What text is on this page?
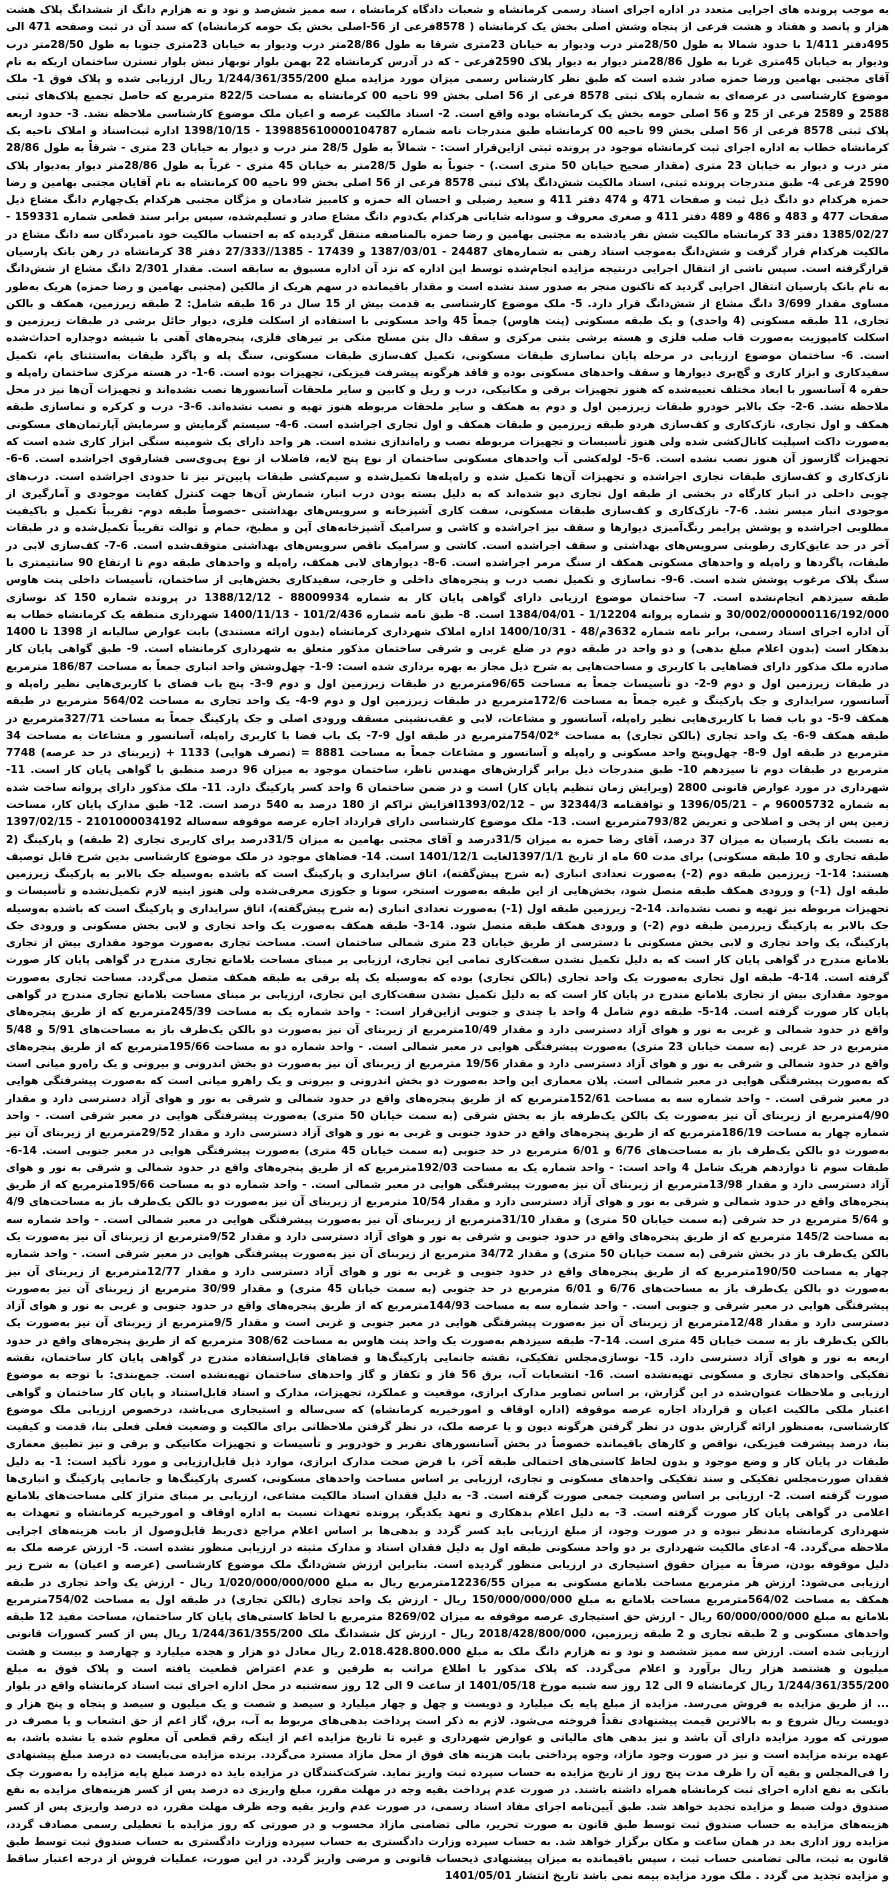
به موجب پرونده های اجرایی متعدد در اداره اجرای اسناد رسمی کرمانشاه و شعبات دادگاه کرمانشاه ، سه ممیز شش‌صد و نود و نه هزارم دانگ از ششدانگ پلاک هشت هزار و پانصد و هفتاد و هشت فرعی از پنجاه وشش اصلی بخش یک کرمانشاه ( 8578فرعی از 56-اصلی بخش یک حومه کرمانشاه) که سند آن در ثبت وصفحه 471 الی 495دفتر 1/411 با حدود شمالا به طول 28/50متر درب ودیوار به خیابان 23متری شرقا به طول 28/86متر درب ودیوار به خیابان 23متری جنوبا به طول 28/50متر درب ودیوار به خیابان 45متری غربا به طول 28/86متر دیوار به دیوار پلاک 2590فرعی - که در آدرس کرمانشاه 22 بهمن بلوار نوبهار نبش بلوار نسترن ساختمان اریکه به نام آقای مجتبی بهامین ورضا حمزه صادر شده است که طبق نظر کارشناس رسمی میزان مورد مزایده مبلغ 1/244/361/355/200 ریال ارزیابی شده و پلاک فوق 1- ملک موضوع کارشناسی در عرصه‌ای به شماره پلاک ثبتی 8578 فرعی از 56 اصلی بخش 99 ناحیه 00 کرمانشاه به مساحت 822/5 مترمربع که حاصل تجمیع پلاک‌های ثبتی 2588 و 2589 فرعی از 25 و 56 اصلی حومه بخش یک کرمانشاه بوده واقع است. 2- اسناد مالکیت عرصه و اعیان ملک موضوع کارشناسی ملاحظه نشد. 3- حدود اربعه پلاک ثبتی 8578 فرعی از 56 اصلی بخش 99 ناحیه 00 کرمانشاه طبق مندرجات نامه شماره 139885610000104787 - 1398/10/15 اداره ثبت‌اسناد و املاک ناحیه یک کرمانشاه خطاب به اداره اجرای ثبت کرمانشاه موجود در پرونده ثبتی ازاین‌قرار است: - شمالاً به طول 28/5 متر درب و دیوار به خیابان 23 متری - شرقاً به طول 28/86 متر درب و دیوار به خیابان 23 متری (مقدار صحیح خیابان 50 متری است.) - جنوباً به طول 28/5متر به خیابان 45 متری - غرباً به طول 28/86متر دیوار به‌دیوار پلاک 2590 فرعی 4- طبق مندرجات پرونده ثبتی، اسناد مالکیت شش‌دانگ پلاک ثبتی 8578 فرعی از 56 اصلی بخش 99 ناحیه 00 کرمانشاه به نام آقایان مجتبی بهامین و رضا حمزه هرکدام دو دانگ ذیل ثبت و صفحات 471 و 474 دفتر 411 و سعید رضیلی و احسان اله حمزه و کامبیز شادمان و مژگان مجتبی هرکدام یک‌چهارم دانگ مشاع ذیل صفحات 477 و 483 و 486 و 489 دفتر 411 و صغری معروف و سودابه شایانی هرکدام یک‌دوم دانگ مشاع صادر و تسلیم‌شده، سپس برابر سند قطعی شماره 159331 - 1385/02/27 دفتر 33 کرمانشاه مالکیت شش نفر یادشده به مجتبی بهامین و رضا حمزه بالمناصفه منتقل گردیده که به احتساب مالکیت خود نامبردگان سه دانگ مشاع در مالکیت هرکدام قرار گرفت و شش‌دانگ به‌موجب اسناد رهنی به شماره‌های 24487 - 1387/03/01 و 17439 - 1385//27/333 دفتر 38 کرمانشاه در رهن بانک پارسیان قرارگرفته است. سپس ناشی از انتقال اجرایی درنتیجه مزایده انجام‌شده توسط این اداره که نزد آن اداره مسبوق به سابقه است. مقدار 2/301 دانگ مشاع از شش‌دانگ به نام بانک پارسیان انتقال اجرایی گردید که تاکنون منجر به صدور سند نشده است و مقدار باقیمانده در سهم هریک از مالکین (مجتبی بهامین و رضا حمزه) هریک به‌طور مساوی مقدار 3/699 دانگ مشاع از شش‌دانگ قرار دارد. 5- ملک موضوع کارشناسی به قدمت بیش از 15 سال در 16 طبقه شامل: 2 طبقه زیرزمین، همکف و بالکن تجاری، 11 طبقه مسکونی (4 واحدی) و یک طبقه مسکونی (پنت هاوس) جمعاً 45 واحد مسکونی با استفاده از اسکلت فلزی، دیوار حائل برشی در طبقات زیرزمین و اسکلت کامپوزیت به‌صورت قاب صلب فلزی و هسته برشی بتنی مرکزی و سقف دال بتن مسلح متکی بر تیرهای فلزی، پنجره‌های آهنی با شیشه دوجداره احداث‌شده است. 6- ساختمان موضوع ارزیابی در مرحله پایان نماسازی طبقات مسکونی، تکمیل کف‌سازی طبقات مسکونی، سنگ پله و پاگرد طبقات به‌استثنای بام، تکمیل سفیدکاری و ابزار کاری و گچ‌بری دیوارها و سقف واحدهای مسکونی بوده و فاقد هرگونه پیشرفت فیزیکی، تجهیزات بوده است. 6-1- در هسته مرکزی ساختمان راه‌پله و حفره 4 آسانسور با ابعاد مختلف تعبیه‌شده که هنوز تجهیزات برقی و مکانیکی، درب و ریل و کابین و سایر ملحقات آسانسورها نصب نشده‌اند و تجهیزات آن‌ها نیز در محل ملاحظه نشد. 6-2- جک بالابر خودرو طبقات زیرزمین اول و دوم به همکف و سایر ملحقات مربوطه هنوز تهیه و نصب نشده‌اند. 6-3- درب و کرکره و نماسازی طبقه همکف و اول تجاری، نازک‌کاری و کف‌سازی هردو طبقه زیرزمین و طبقات همکف و اول تجاری اجراشده است. 6-4- سیستم گرمایش و سرمایش آپارتمان‌های مسکونی به‌صورت داکت اسپلیت کانال‌کشی شده ولی هنوز تأسیسات و تجهیزات مربوطه نصب و راه‌اندازی نشده است. هر واحد دارای یک شومینه سنگی ابزار کاری شده است که تجهیزات گازسوز آن هنوز نصب نشده است. 6-5- لوله‌کشی آب واحدهای مسکونی ساختمان از نوع پنج لایه، فاضلاب از نوع پی‌وی‌سی فشارقوی اجراشده است. 6-6- نازک‌کاری و کف‌سازی طبقات تجاری اجراشده و تجهیزات آن‌ها تکمیل شده و راه‌پله‌ها تکمیل‌شده و سیم‌کشی طبقات پایین‌تر نیز تا حدودی اجراشده است. درب‌های چوبی داخلی در انبار کارگاه در بخشی از طبقه اول تجاری دپو شده‌اند که به دلیل بسته بودن درب انبار، شمارش آن‌ها جهت کنترل کفایت موجودی و آمارگیری از موجودی انبار میسر نشد. 6-7- نازک‌کاری و کف‌سازی طبقات مسکونی، سفت کاری آشپزخانه و سرویس‌های بهداشتی -خصوصاً طبقه دوم- تقریباً تکمیل و باکیفیت مطلوبی اجراشده و پوشش پرایمر رنگ‌آمیزی دیوارها و سقف نیز اجراشده و کاشی و سرامیک آشپزخانه‌های آپن و مطبخ، حمام و توالت تقریباً تکمیل‌شده و در طبقات آخر در حد عایق‌کاری رطوبتی سرویس‌های بهداشتی و سقف اجراشده است. کاشی و سرامیک ناقص سرویس‌های بهداشتی متوقف‌شده است. 6-7- کف‌سازی لابی در طبقات، پاگردها و راه‌پله و واحدهای مسکونی همکف از سنگ مرمر اجراشده است. 6-8- دیوارهای لابی همکف، راه‌پله و واحدهای طبقه دوم تا ارتفاع 90 سانتیمتری با سنگ پلاک مرغوب پوشش شده است. 6-9- نماسازی و تکمیل نصب درب و پنجره‌های داخلی و خارجی، سفیدکاری بخش‌هایی از ساختمان، تأسیسات داخلی پنت هاوس طبقه سیزدهم انجام‌نشده است. 7- ساختمان موضوع ارزیابی دارای گواهی پایان کار به شماره 88009934 - 1388/12/12 در پرونده شماره 150 کد نوسازی 30/002/000000116/192/000 و شماره پروانه 1/12204 - 1384/04/01 است. 8- طبق نامه شماره 101/2/436 - 1400/11/13 شهرداری منطقه یک کرمانشاه خطاب به آن اداره اجرای اسناد رسمی، برابر نامه شماره 3632م/48 - 1400/10/31 اداره املاک شهرداری کرمانشاه (بدون ارائه مستندی) بابت عوارض سالیانه از 1398 تا 1400 بدهکار است (بدون اعلام مبلغ بدهی) و دو واحد در طبقه دوم در ضلع غربی و شرقی ساختمان مذکور متعلق به شهرداری کرمانشاه است. 9- طبق گواهی پایان کار صادره ملک مذکور دارای فضاهایی با کاربری و مساحت‌هایی به شرح ذیل مجاز به بهره برداری شده است: 9-1- چهل‌وشش واحد انباری جمعاً به مساحت 186/87 مترمربع در طبقات زیرزمین اول و دوم 9-2- دو تأسیسات جمعاً به مساحت 96/65مترمربع در طبقات زیرزمین اول و دوم 9-3- پنج باب فضای با کاربری‌هایی نظیر راه‌پله و آسانسور، سرایداری و جک پارکینگ و غیره جمعاً به مساحت 172/6مترمربع در طبقات زیرزمین اول و دوم 9-4- یک واحد تجاری به مساحت 564/02 مترمربع در طبقه همکف 9-5- دو باب فضا با کاربری‌هایی نظیر راه‌پله، آسانسور و مشاعات، لابی و عقب‌نشینی مسقف ورودی اصلی و جک پارکینگ جمعاً به مساحت 327/71مترمربع در طبقه همکف 9-6- یک واحد تجاری (بالکن تجاری) به مساحت *754/02مترمربع در طبقه اول 9-7- یک باب فضا با کاربری راه‌پله، آسانسور و مشاعات به مساحت 34 مترمربع در طبقه اول 9-8- چهل‌وپنج واحد مسکونی و راه‌پله و آسانسور و مشاعات جمعاً به مساحت 8881 = (تصرف هوایی) 1133 + (زیربنای در حد عرصه) 7748 مترمربع در طبقات دوم تا سیزدهم 10- طبق مندرجات ذیل برابر گزارش‌های مهندس ناظر، ساختمان موجود به میزان 96 درصد منطبق با گواهی پایان کار است. 11- شهرداری در مورد عوارض قانونی 2800 (ویرایش زمان تنظیم پایان کار) است و در ضمن ساختمان 6 واحد کسر پارکینگ دارد. 11- ملک مذکور دارای پروانه ساخت شده به شماره 96005732 م – 1396/05/21 و توافقنامه 32344/3 س – 1393/02/12افزایش تراکم از 180 درصد به 540 درصد است. 12- طبق مدارک پایان کار، مساحت زمین پس از پخی و اصلاحی و تعریض 793/82مترمربع است. 13- ملک موضوع کارشناسی دارای قرارداد اجاره عرصه موقوفه سه‌ساله 2101000034192 - 1397/02/15 به نسبت بانک پارسیان به میزان 37 درصد، آقای رضا حمزه به میزان 31/5درصد و آقای مجتبی بهامین به میزان 31/5درصد برای کاربری تجاری (2 طبقه) و پارکینگ (2 طبقه تجاری و 10 طبقه مسکونی) برای مدت 60 ماه از تاریخ 1397/1/1لغایت 1401/12/1 است. 14- فضاهای موجود در ملک موضوع کارشناسی بدین شرح قابل توصیف هستند: 14-1- زیرزمین طبقه دوم (2-) به‌صورت تعدادی انباری (به شرح پیش‌گفته)، اتاق سرایداری و پارکینگ است که باشده به‌وسیله جک بالابر به پارکینگ زیرزمین طبقه اول (1-) و ورودی همکف طبقه متصل شود، بخش‌هایی از این طبقه به‌صورت استخر، سونا و جکوزی معرفی‌شده ولی هنوز اینیه لازم تکمیل‌نشده و تأسیسات و تجهیزات مربوطه نیز تهیه و نصب نشده‌اند. 14-2- زیرزمین طبقه اول (1-) به‌صورت تعدادی انباری (به شرح پیش‌گفته)، اتاق سرایداری و پارکینگ است که باشده به‌وسیله جک بالابر به پارکینگ زیرزمین طبقه دوم (2-) و ورودی همکف طبقه متصل شود. 14-3- طبقه همکف به‌صورت یک واحد تجاری و لابی بخش مسکونی و ورودی جک پارکینگ، یک واحد تجاری و لابی بخش مسکونی با دسترسی از طریق خیابان 23 متری شمالی ساختمان است. مساحت تجاری به‌صورت موجود مقداری بیش از تجاری بلامانع مندرج در گواهی پایان کار است که به دلیل تکمیل نشدن سفت‌کاری تمامی این تجاری، ارزیابی بر مبنای مساحت بلامانع تجاری مندرج در گواهی پایان کار صورت گرفته است. 14-4- طبقه اول تجاری به‌صورت یک واحد تجاری (بالکن تجاری) بوده که به‌وسیله یک پله برقی به طبقه همکف متصل می‌گردد. مساحت تجاری به‌صورت موجود مقداری بیش از تجاری بلامانع مندرج در پایان کار است که به دلیل تکمیل نشدن سفت‌کاری این تجاری، ارزیابی بر مبنای مساحت بلامانع تجاری مندرج در گواهی پایان کار صورت گرفته است. 14-5- طبقه دوم شامل 4 واحد با چندی و جنوبی ازاین‌قرار است: - واحد شماره یک به مساحت 245/39مترمربع که از طریق پنجره‌های واقع در حدود شمالی و غربی به نور و هوای آزاد دسترسی دارد و مقدار 10/49مترمربع از زیربنای آن نیز به‌صورت دو بالکن یک‌طرف باز به مساحت‌های 5/91 و 5/48 مترمربع در حد غربی (به سمت خیابان 23 متری) به‌صورت پیشرفتگی هوایی در معبر شمالی است. - واحد شماره دو به مساحت 195/66مترمربع که از طریق پنجره‌های واقع در حدود شمالی و شرقی به نور و هوای آزاد دسترسی دارد و مقدار 19/56 مترمربع از زیربنای آن نیز به‌صورت دو بخش اندرونی و بیرونی و یک راه‌رو میانی است که به‌صورت پیشرفتگی هوایی در معبر شمالی است. پلان معماری این واحد به‌صورت دو بخش اندرونی و بیرونی و یک راهرو میانی است که به‌صورت پیشرفتگی هوایی در معبر شرقی است. - واحد شماره سه به مساحت 152/61مترمربع که از طریق پنجره‌های واقع در حدود شمالی و شرقی به نور و هوای آزاد دسترسی دارد و مقدار 4/90مترمربع از زیربنای آن نیز به‌صورت یک بالکن یک‌طرفه باز به بخش شرقی (به سمت خیابان 50 متری) به‌صورت پیشرفتگی هوایی در معبر شرقی است. - واحد شماره چهار به مساحت 186/19مترمربع که از طریق پنجره‌های واقع در حدود جنوبی و غربی به نور و هوای آزاد دسترسی دارد و مقدار 29/52مترمربع از زیربنای آن نیز به‌صورت دو بالکن یک‌طرف باز به مساحت‌های 6/76 و 6/01 مترمربع در حد جنوبی (به سمت خیابان 45 متری) به‌صورت پیشرفتگی هوایی در معبر جنوبی است. 14-6- طبقات سوم تا دوازدهم هریک شامل 4 واحد است: - واحد شماره یک به مساحت 192/03مترمربع که از طریق پنجره‌های واقع در حدود شمالی و شرقی به نور و هوای آزاد دسترسی دارد و مقدار 13/98مترمربع از زیربنای آن نیز به‌صورت پیشرفتگی هوایی در معبر شمالی است. - واحد شماره دو به مساحت 195/66مترمربع که از طریق پنجره‌های واقع در حدود شمالی و شرقی به نور و هوای آزاد دسترسی دارد و مقدار 10/54 مترمربع از زیربنای آن نیز به‌صورت دو بالکن یک‌طرف باز به مساحت‌های 4/9 و 5/64 مترمربع در حد شرقی (به سمت خیابان 50 متری) و مقدار 31/10مترمربع از زیربنای آن نیز به‌صورت پیشرفتگی هوایی در معبر شمالی است. - واحد شماره سه به مساحت 145/2 مترمربع که از طریق پنجره‌های واقع در حدود جنوبی و شرقی به نور و هوای آزاد دسترسی دارد و مقدار 9/52مترمربع از زیربنای آن نیز به‌صورت یک بالکن یک‌طرف باز در بخش شرقی (به سمت خیابان 50 متری) و مقدار 34/72 مترمربع از زیربنای آن نیز به‌صورت پیشرفتگی هوایی در معبر شرقی است. - واحد شماره چهار به مساحت 190/50مترمربع که از طریق پنجره‌های واقع در حدود جنوبی و غربی به نور و هوای آزاد دسترسی دارد و مقدار 12/77مترمربع از زیربنای آن نیز به‌صورت دو بالکن یک‌طرف باز به مساحت‌های 6/76 و 6/01 مترمربع در حد جنوبی (به سمت خیابان 45 متری) و مقدار 30/99 مترمربع از زیربنای آن نیز به‌صورت پیشرفتگی هوایی در معبر شرقی و جنوبی است. - واحد شماره سه به مساحت 144/93مترمربع که از طریق پنجره‌های واقع در حدود جنوبی و غربی به نور و هوای آزاد دسترسی دارد و مقدار 12/48مترمربع از زیربنای آن نیز به‌صورت پیشرفتگی هوایی در معبر جنوبی و غربی است و مقدار 9/5مترمربع از زیربنای آن نیز به‌صورت یک بالکن یک‌طرف باز به سمت خیابان 45 متری است. 14-7- طبقه سیزدهم به‌صورت یک واحد پنت هاوس به مساحت 308/62 مترمربع که از طریق پنجره‌های واقع در حدود اربعه به نور و هوای آزاد دسترسی دارد. 15- نوسازی‌مجلس تفکیکی، نقشه جانمایی پارکینگ‌ها و فضاهای قابل‌استفاده مندرج در گواهی پایان کار ساختمان، نقشه تفکیکی واحدهای تجاری و مسکونی تهیه‌نشده است. 16- انشعابات آب، برق 56 فاز و تکفاز و گاز واحدهای ساختمان تهیه‌نشده است. جمع‌بندی: با توجه به موضوع ارزیابی و ملاحظات عنوان‌شده در این گزارش، بر اساس تصاویر مدارک ابرازی، موقعیت و عملکرد، تجهیزات، مدارک و اسناد قابل‌استناد و پایان کار ساختمان و گواهی اعتبار ملکی مالکیت اعیان و قرارداد اجاره عرصه موقوفه (اداره اوقاف و امورخیریه کرمانشاه) که سی‌ساله و استیجاری می‌باشد، درخصوص ارزیابی ملک موضوع کارشناسی، به‌منظور ارائه گزارش بدون در نظر گرفتن هرگونه دیون و یا عرصه ملک، در نظر گرفتن ملاحظاتی برای مالکیت و وضعیت فعلی فعلی بنا، قدمت و کیفیت بنا، درصد پیشرفت فیزیکی، نواقص و کارهای باقیمانده خصوصاً در بخش آسانسورهای نفربر و خودروبر و تأسیسات و تجهیزات مکانیکی و برقی و نیز تطبیق معماری طبقات در پایان کار و وضع موجود و بدون لحاظ کاستی‌های احتمالی طبقه آخر، با فرض صحت مدارک ابرازی، موارد ذیل قابل‌ارزیابی و مورد تأکید است: 1- به دلیل فقدان صورت‌مجلس تفکیکی و سند تفکیکی واحدهای مسکونی و تجاری، ارزیابی بر اساس مساحت واحدهای مسکونی، کسری پارکینگ‌ها و جانمایی پارکینگ و انباری‌ها صورت گرفته است. 2- ارزیابی بر اساس وضعیت جمعی صورت گرفته است. 3- به دلیل فقدان اسناد مالکیت مشاعی، ارزیابی بر مبنای متراژ کلی مساحت‌های بلامانع اعلامی در گواهی پایان کار صورت گرفته است. 3- به دلیل اعلام بدهکاری و تعهد یکدیگر، پرونده تعهدات نسبت به اداره اوقاف و امورخیریه کرمانشاه و تعهدات به شهرداری کرمانشاه مدنظر نبوده و در صورت وجود، از مبلغ ارزیابی باید کسر گردد و بدهی‌ها بر اساس اعلام مراجع ذی‌ربط قابل‌وصول از بابت هزینه‌های اجرایی ملاحظه می‌گردد. 4- ادعای مالکیت شهرداری بر دو واحد مسکونی طبقه اول به دلیل فقدان اسناد و مدارک مثبته در ارزیابی منظور نشده است. 5- ارزش عرصه ملک به دلیل موقوفه بودن، صرفاً به میزان حقوق استیجاری در ارزیابی منظور گردیده است. بنابراین ارزش شش‌دانگ ملک موضوع کارشناسی (عرصه و اعیان) به شرح زیر ارزیابی می‌شود: ارزش هر مترمربع مساحت بلامانع مسکونی به میزان 12236/55مترمربع ریال به مبلغ 1/020/000/000/000 ریال - ارزش یک واحد تجاری در طبقه همکف به مساحت 564/02مترمربع مساحت بلامانع به مبلغ 150/000/000/000 ریال - ارزش یک واحد تجاری (بالکن تجاری) در طبقه اول به مساحت 754/02مترمربع بلامانع به مبلغ 60/000/000/000 ریال - ارزش حق استیجاری عرصه موقوفه به میزان 8269/02 مترمربع با لحاظ کاستی‌های پایان کار ساختمان، مساحت مفید 12 طبقه واحدهای مسکونی و 2 طبقه تجاری و 2 طبقه زیرزمین، 2018/428/800/000 ریال - ارزش کل ششدانگ ملک 1/244/361/355/200 ریال پس از کسر کسورات قانونی ارزیابی شده است. ارزش سه ممیز ششصد و نود و نه هزارم دانگ ملک به مبلغ 2.018.428.800.000 ریال معادل دو هزار و هجده میلیارد و چهارصد و بیست و هشت میلیون و هشتصد هزار ریال برآورد و اعلام می‌گردد. که پلاک مذکور با اطلاع مراتب به طرفین و عدم اعتراض قطعیت یافته است و پلاک فوق به مبلغ 1/244/361/355/200 ریال کرمانشاه 9 الی 12 روز سه شنبه مورخ 1401/05/18 از ساعت 9 الی 12 روز سه‌شنبه در محل اداره اجرای ثبت اسناد کرمانشاه واقع در بلوار ... از طریق مزایده به فروش می‌رسد. مزایده از مبلغ پایه یک میلیارد و دویست و چهل و چهار میلیارد و سیصد و شصت و یک میلیون و سیصد و پنجاه و پنج هزار و دویست ریال شروع و به بالاترین قیمت پیشنهادی نقداً فروخته می‌شود. لازم به ذکر است پرداخت بدهی‌های مربوط به آب، برق، گاز اعم از حق انشعاب و یا مصرف در صورتی که مورد مزایده دارای آن باشد و نیز بدهی های مالیاتی و عوارض شهرداری و غیره تا تاریخ مزایده اعم از اینکه رقم قطعی آن معلوم شده یا نشده باشد، به عهده برنده مزایده است و نیز در صورت وجود مازاد، وجوه پرداختی بابت هزینه های فوق از محل مازاد مسترد می‌گردد. برنده مزایده می‌بایست ده درصد مبلغ پیشنهادی را فی‌المجلس و بقیه آن را ظرف مدت پنج روز از تاریخ مزایده به حساب سپرده ثبت واریز نماید. شرکت‌کنندگان در مزایده باید ده درصد مبلغ پایه مزایده را به‌صورت چک بانکی به نفع اداره اجرای ثبت کرمانشاه همراه داشته باشند. در صورت عدم پرداخت بقیه وجه در مهلت مقرر، مبلغ واریزی ده درصد پس از کسر هزینه‌های مزایده به نفع صندوق دولت ضبط و مزایده تجدید خواهد شد. طبق آیین‌نامه اجرای مفاد اسناد رسمی، در صورت عدم واریز بقیه وجه ظرف مهلت مقرر، ده درصد واریزی پس از کسر هزینه‌های مزایده به حساب صندوق ثبت توسط طبق قانون به صورت تحریر، مالی تضامنی مازاد محسوب و در صورتی که روز مزایده با تعطیلی رسمی مصادف گردد، مزایده روز اداری بعد در همان ساعت و مکان برگزار خواهد شد. به حساب سپرده وزارت دادگستری به حساب سپرده وزارت دادگستری به حساب صندوق ثبت توسط طبق قانون به ثبت، مالی تضامنی حساب ثبت ، سپس باقیمانده به میزان پیشنهادی ذیحساب قانونی و مرضی واریز گردد. در این صورت، عملیات فروش از درجه اعتبار ساقط و مزایده تجدید می گردد . ملک مورد مزایده بیمه نمی باشد تاریخ انتشار 1401/05/01
